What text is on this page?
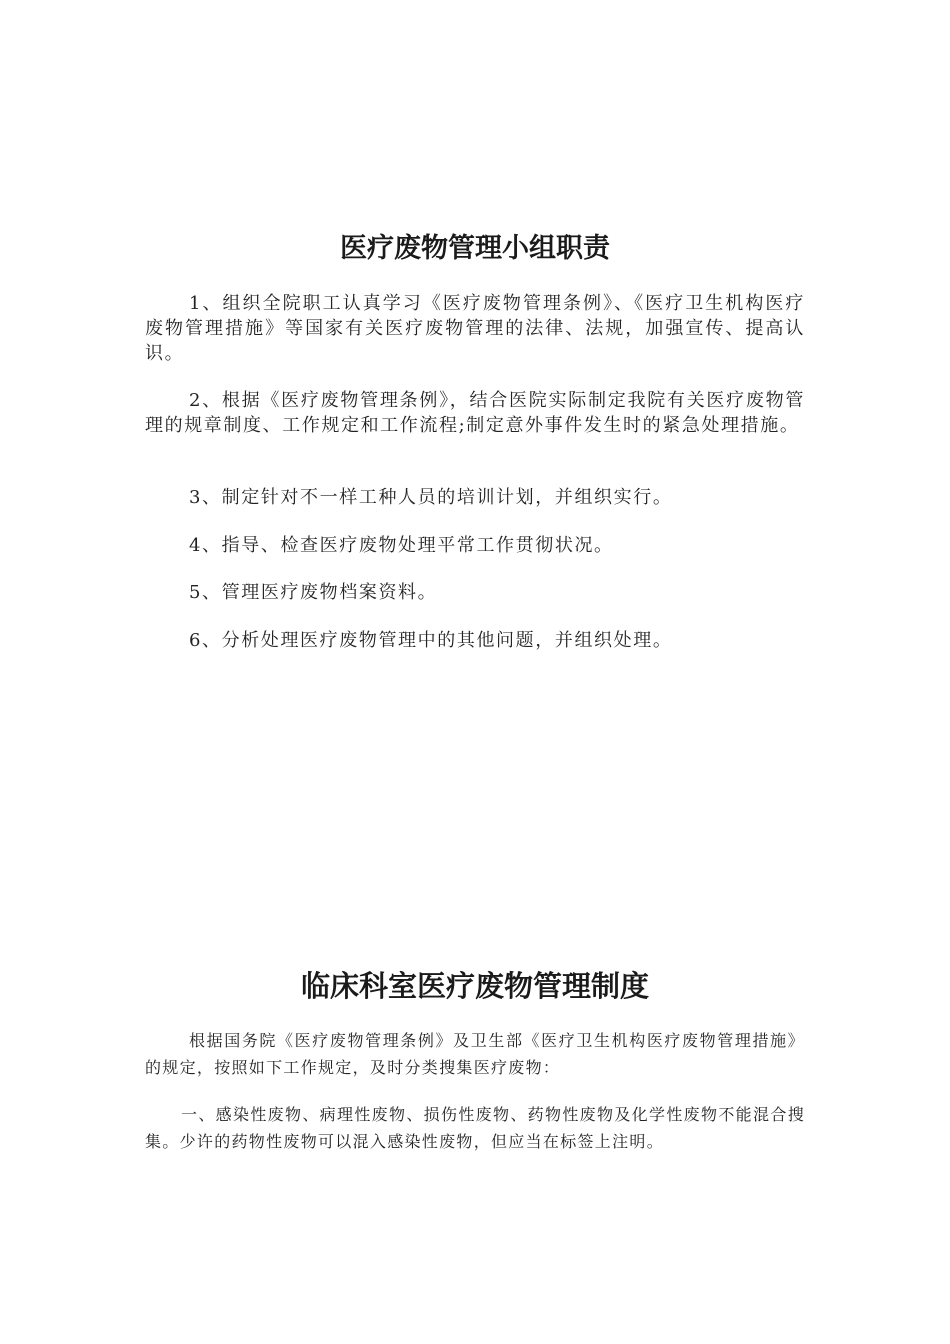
医疗废物管理小组职责

1、组织全院职工认真学习《医疗废物管理条例》、《医疗卫生机构医疗废物管理措施》等国家有关医疗废物管理的法律、法规，加强宣传、提高认识。

2、根据《医疗废物管理条例》，结合医院实际制定我院有关医疗废物管理的规章制度、工作规定和工作流程;制定意外事件发生时的紧急处理措施。

3、制定针对不一样工种人员的培训计划，并组织实行。

4、指导、检查医疗废物处理平常工作贯彻状况。

5、管理医疗废物档案资料。

6、分析处理医疗废物管理中的其他问题，并组织处理。

临床科室医疗废物管理制度

根据国务院《医疗废物管理条例》及卫生部《医疗卫生机构医疗废物管理措施》的规定，按照如下工作规定，及时分类搜集医疗废物：

一、感染性废物、病理性废物、损伤性废物、药物性废物及化学性废物不能混合搜集。少许的药物性废物可以混入感染性废物，但应当在标签上注明。
